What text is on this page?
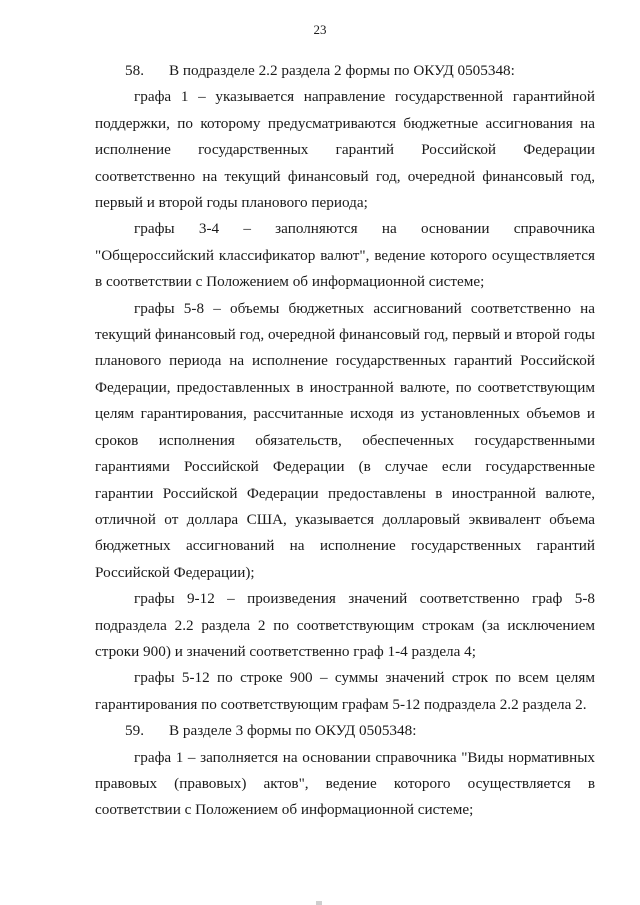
23

58. В подразделе 2.2 раздела 2 формы по ОКУД 0505348:

графа 1 – указывается направление государственной гарантийной поддержки, по которому предусматриваются бюджетные ассигнования на исполнение государственных гарантий Российской Федерации соответственно на текущий финансовый год, очередной финансовый год, первый и второй годы планового периода;

графы 3-4 – заполняются на основании справочника "Общероссийский классификатор валют", ведение которого осуществляется в соответствии с Положением об информационной системе;

графы 5-8 – объемы бюджетных ассигнований соответственно на текущий финансовый год, очередной финансовый год, первый и второй годы планового периода на исполнение государственных гарантий Российской Федерации, предоставленных в иностранной валюте, по соответствующим целям гарантирования, рассчитанные исходя из установленных объемов и сроков исполнения обязательств, обеспеченных государственными гарантиями Российской Федерации (в случае если государственные гарантии Российской Федерации предоставлены в иностранной валюте, отличной от доллара США, указывается долларовый эквивалент объема бюджетных ассигнований на исполнение государственных гарантий Российской Федерации);

графы 9-12 – произведения значений соответственно граф 5-8 подраздела 2.2 раздела 2 по соответствующим строкам (за исключением строки 900) и значений соответственно граф 1-4 раздела 4;

графы 5-12 по строке 900 – суммы значений строк по всем целям гарантирования по соответствующим графам 5-12 подраздела 2.2 раздела 2.

59. В разделе 3 формы по ОКУД 0505348:

графа 1 – заполняется на основании справочника "Виды нормативных правовых (правовых) актов", ведение которого осуществляется в соответствии с Положением об информационной системе;
